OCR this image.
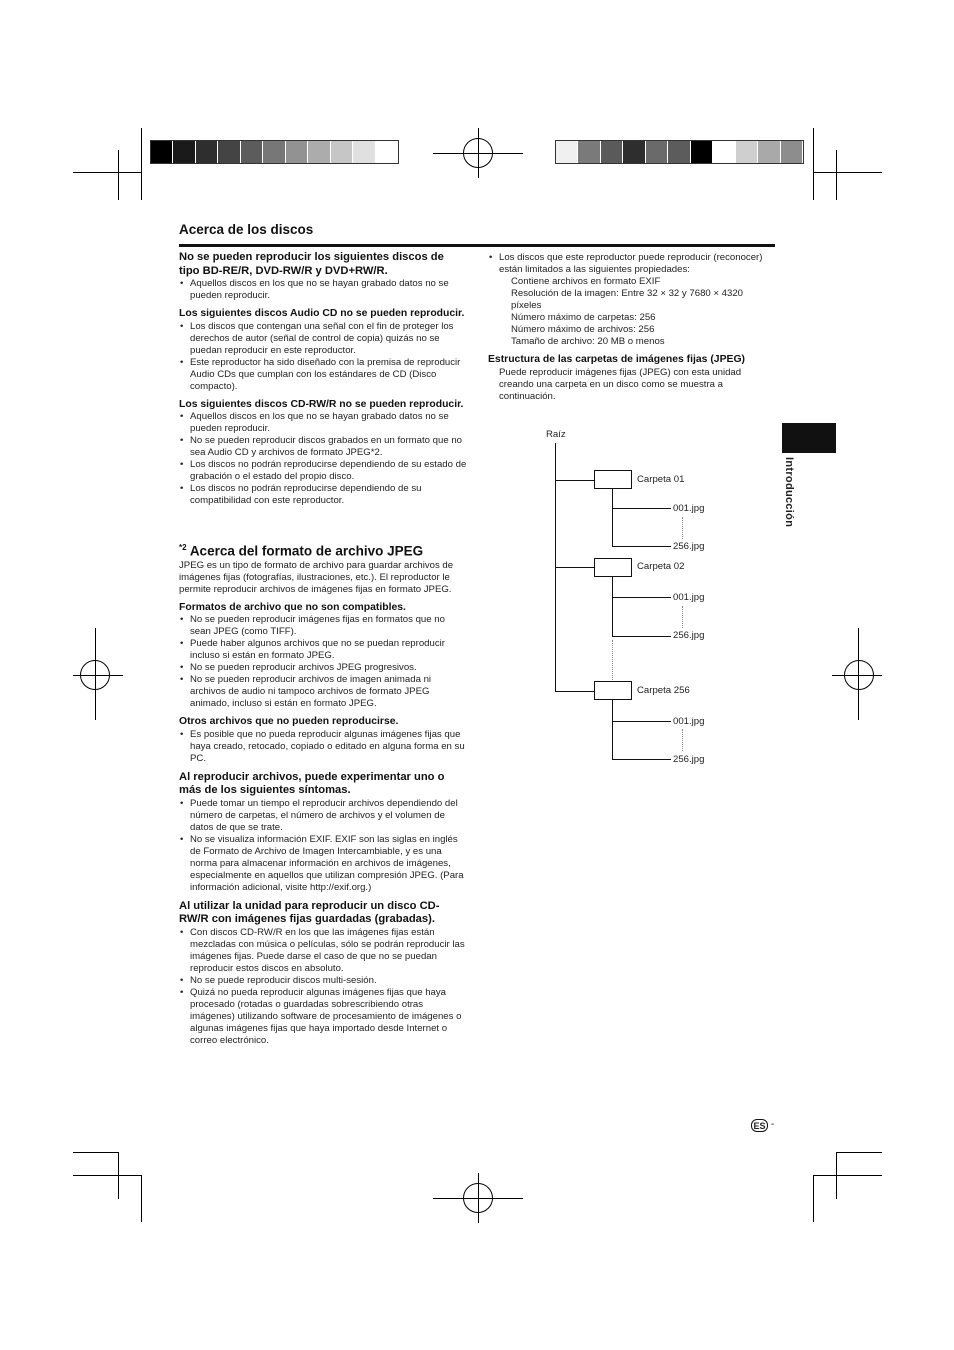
Acerca de los discos
No se pueden reproducir los siguientes discos de tipo BD-RE/R, DVD-RW/R y DVD+RW/R.
• Aquellos discos en los que no se hayan grabado datos no se pueden reproducir.
Los siguientes discos Audio CD no se pueden reproducir.
• Los discos que contengan una señal con el fin de proteger los derechos de autor (señal de control de copia) quizás no se puedan reproducir en este reproductor.
• Este reproductor ha sido diseñado con la premisa de reproducir Audio CDs que cumplan con los estándares de CD (Disco compacto).
Los siguientes discos CD-RW/R no se pueden reproducir.
• Aquellos discos en los que no se hayan grabado datos no se pueden reproducir.
• No se pueden reproducir discos grabados en un formato que no sea Audio CD y archivos de formato JPEG*2.
• Los discos no podrán reproducirse dependiendo de su estado de grabación o el estado del propio disco.
• Los discos no podrán reproducirse dependiendo de su compatibilidad con este reproductor.
$^{*2}$ Acerca del formato de archivo JPEG

JPEG es un tipo de formato de archivo para guardar archivos de imágenes fijas (fotografías, ilustraciones, etc.). El reproductor le permite reproducir archivos de imágenes fijas en formato JPEG.

Formatos de archivo que no son compatibles.
• No se pueden reproducir imágenes fijas en formatos que no sean JPEG (como TIFF).
• Puede haber algunos archivos que no se puedan reproducir incluso si están en formato JPEG.
• No se pueden reproducir archivos JPEG progresivos.
• No se pueden reproducir archivos de imagen animada ni archivos de audio ni tampoco archivos de formato JPEG animado, incluso si están en formato JPEG.
Otros archivos que no pueden reproducirse.
• Es posible que no pueda reproducir algunas imágenes fijas que haya creado, retocado, copiado o editado en alguna forma en su PC.
Al reproducir archivos, puede experimentar uno o más de los siguientes síntomas.
• Puede tomar un tiempo el reproducir archivos dependiendo del número de carpetas, el número de archivos y el volumen de datos de que se trate.
• No se visualiza información EXIF. EXIF son las siglas en inglés de Formato de Archivo de Imagen Intercambiable, y es una norma para almacenar información en archivos de imágenes, especialmente en aquellos que utilizan compresión JPEG. (Para información adicional, visite http://exif.org.)
Al utilizar la unidad para reproducir un disco CD-RW/R con imágenes fijas guardadas (grabadas).
• Con discos CD-RW/R en los que las imágenes fijas están mezcladas con música o películas, sólo se podrán reproducir las imágenes fijas. Puede darse el caso de que no se puedan reproducir estos discos en absoluto.
• No se puede reproducir discos multi-sesión.
• Quizá no pueda reproducir algunas imágenes fijas que haya procesado (rotadas o guardadas sobrescribiendo otras imágenes) utilizando software de procesamiento de imágenes o algunas imágenes fijas que haya importado desde Internet o correo electrónico.
• Los discos que este reproductor puede reproducir (reconocer) están limitados a las siguientes propiedades:

Contiene archivos en formato EXIF

Resolución de la imagen: Entre 32 × 32 y 7680 × 4320 píxeles

Número máximo de carpetas: 256

Número máximo de archivos: 256

Tamaño de archivo: 20 MB o menos

Estructura de las carpetas de imágenes fijas (JPEG)

Puede reproducir imágenes fijas (JPEG) con esta unidad creando una carpeta en un disco como se muestra a continuación.

Raíz
Carpeta 01
001.jpg
256.jpg
Carpeta 02
001.jpg
256.jpg
Carpeta 256
001.jpg
256.jpg
Introducción
ES -
